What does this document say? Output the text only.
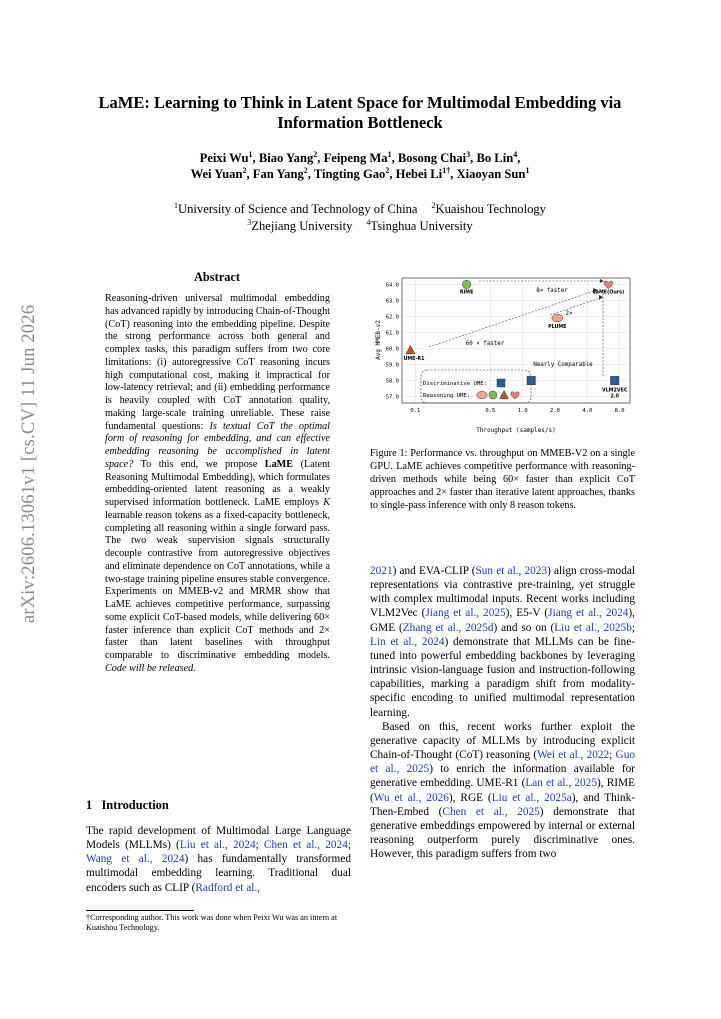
arXiv:2606.13061v1 [cs.CV] 11 Jun 2026
LaME: Learning to Think in Latent Space for Multimodal Embedding via Information Bottleneck
Peixi Wu$^1$, Biao Yang$^2$, Feipeng Ma$^1$, Bosong Chai$^3$, Bo Lin$^4$,
Wei Yuan$^2$, Fan Yang$^2$, Tingting Gao$^2$, Hebei $Li^{1\dagger}$, Xiaoyan Sun$^1$
$^1$University of Science and Technology of China $^2$Kuaishou Technology
$^3$Zhejiang University $^4$Tsinghua University
Abstract
Reasoning-driven universal multimodal embedding has advanced rapidly by introducing Chain-of-Thought (CoT) reasoning into the embedding pipeline. Despite the strong performance across both general and complex tasks, this paradigm suffers from two core limitations: (i) autoregressive CoT reasoning incurs high computational cost, making it impractical for low-latency retrieval; and (ii) embedding performance is heavily coupled with CoT annotation quality, making large-scale training unreliable. These raise fundamental questions: Is textual CoT the optimal form of reasoning for embedding, and can effective embedding reasoning be accomplished in latent space? To this end, we propose LaME (Latent Reasoning Multimodal Embedding), which formulates embedding-oriented latent reasoning as a weakly supervised information bottleneck. LaME employs K learnable reason tokens as a fixed-capacity bottleneck, completing all reasoning within a single forward pass. The two weak supervision signals structurally decouple contrastive from autoregressive objectives and eliminate dependence on CoT annotations, while a two-stage training pipeline ensures stable convergence. Experiments on MMEB-v2 and MRMR show that LaME achieves competitive performance, surpassing some explicit CoT-based models, while delivering 60× faster inference than explicit CoT methods and 2× faster than latent baselines with throughput comparable to discriminative embedding models. Code will be released.
1   Introduction
The rapid development of Multimodal Large Language Models (MLLMs) (Liu et al., 2024; Chen et al., 2024; Wang et al., 2024) has fundamentally transformed multimodal embedding learning. Traditional dual encoders such as CLIP (Radford et al.,
†Corresponding author. This work was done when Peixi Wu was an intern at Kuaishou Technology.
57.0
58.0
59.0
60.0
61.0
62.0
63.0
64.0
0.1	0.5	1.0	2.0	4.0	8.0
Avg MMEB-v2
Throughput (samples/s)
8× faster
2×
60 × faster
Nearly Comparable
RIME	LaME(Ours)
PLUME
UME-R1
VLM2VEC
2.0
Discriminative UME:
Reasoning UME:
Figure 1: Performance vs. throughput on MMEB-V2 on a single GPU. LaME achieves competitive performance with reasoning-driven methods while being 60× faster than explicit CoT approaches and 2× faster than iterative latent approaches, thanks to single-pass inference with only 8 reason tokens.

2021) and EVA-CLIP (Sun et al., 2023) align cross-modal representations via contrastive pre-training, yet struggle with complex multimodal inputs. Recent works including VLM2Vec (Jiang et al., 2025), E5-V (Jiang et al., 2024), GME (Zhang et al., 2025d) and so on (Liu et al., 2025b; Lin et al., 2024) demonstrate that MLLMs can be fine-tuned into powerful embedding backbones by leveraging intrinsic vision-language fusion and instruction-following capabilities, marking a paradigm shift from modality-specific encoding to unified multimodal representation learning.

Based on this, recent works further exploit the generative capacity of MLLMs by introducing explicit Chain-of-Thought (CoT) reasoning (Wei et al., 2022; Guo et al., 2025) to enrich the information available for generative embedding. UME-R1 (Lan et al., 2025), RIME (Wu et al., 2026), RGE (Liu et al., 2025a), and Think-Then-Embed (Chen et al., 2025) demonstrate that generative embeddings empowered by internal or external reasoning outperform purely discriminative ones. However, this paradigm suffers from two
